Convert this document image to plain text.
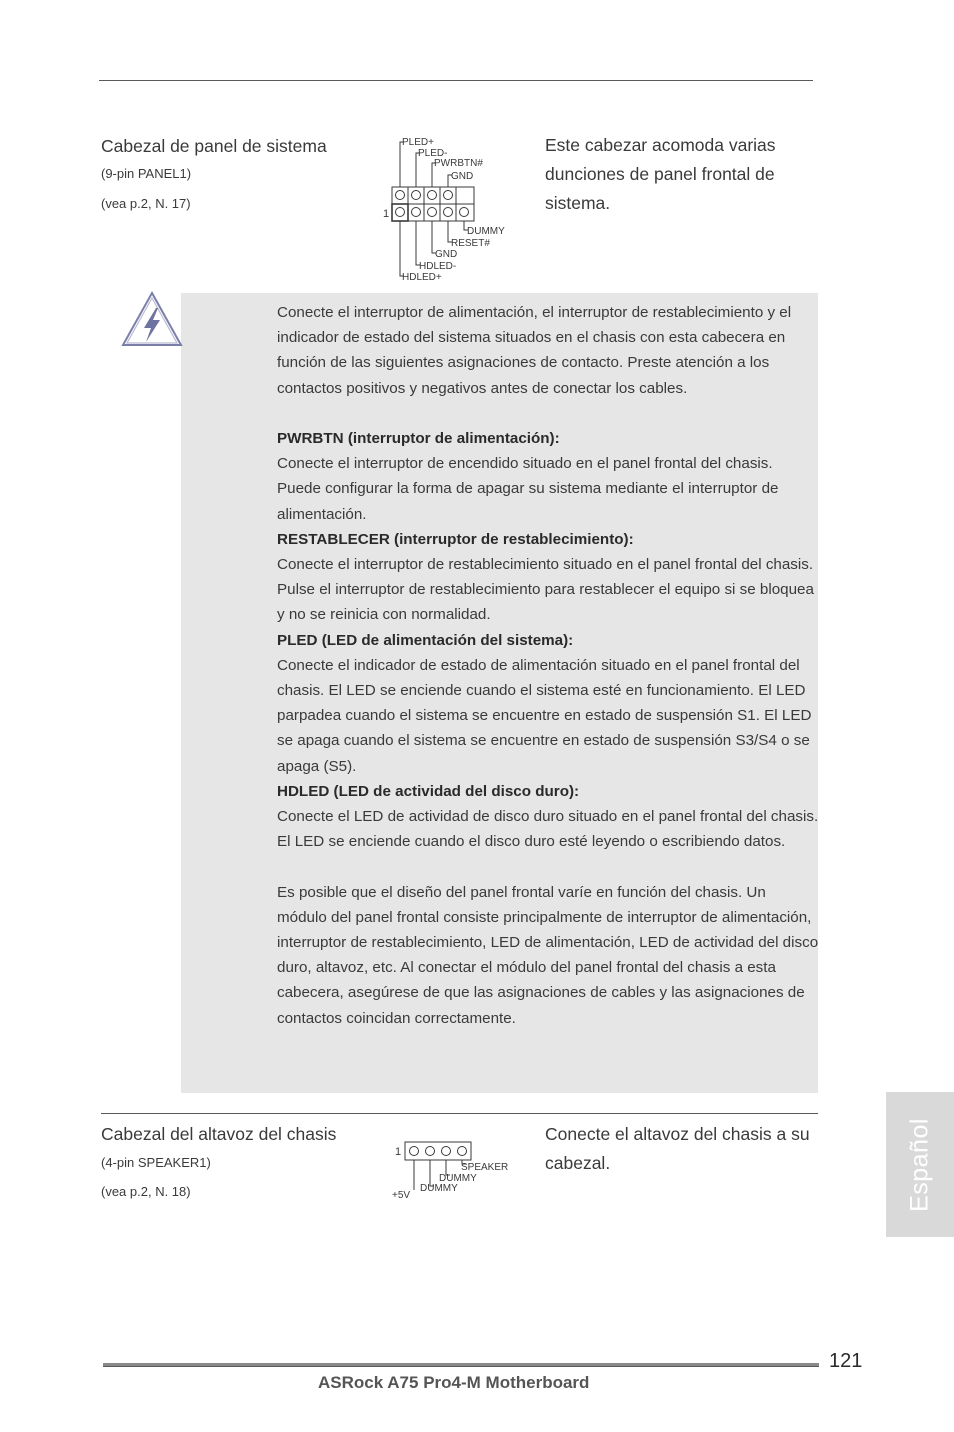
Cabezal de panel de sistema
(9-pin PANEL1)
(vea p.2, N. 17)
1
PLED+
PLED-
PWRBTN#
GND
DUMMY
RESET#
GND
HDLED-
HDLED+
Este cabezar acomoda varias dunciones de panel frontal de sistema.

Conecte el interruptor de alimentación, el interruptor de restablecimiento y el indicador de estado del sistema situados en el chasis con esta cabecera en función de las siguientes asignaciones de contacto. Preste atención a los contactos positivos y negativos antes de conectar los cables.

PWRBTN (interruptor de alimentación):

Conecte el interruptor de encendido situado en el panel frontal del chasis. Puede configurar la forma de apagar su sistema mediante el interruptor de alimentación.

RESTABLECER (interruptor de restablecimiento):

Conecte el interruptor de restablecimiento situado en el panel frontal del chasis. Pulse el interruptor de restablecimiento para restablecer el equipo si se bloquea y no se reinicia con normalidad.

PLED (LED de alimentación del sistema):

Conecte el indicador de estado de alimentación situado en el panel frontal del chasis. El LED se enciende cuando el sistema esté en funcionamiento. El LED parpadea cuando el sistema se encuentre en estado de suspensión S1. El LED se apaga cuando el sistema se encuentre en estado de suspensión S3/S4 o se apaga (S5).

HDLED (LED de actividad del disco duro):

Conecte el LED de actividad de disco duro situado en el panel frontal del chasis. El LED se enciende cuando el disco duro esté leyendo o escribiendo datos.

Es posible que el diseño del panel frontal varíe en función del chasis. Un módulo del panel frontal consiste principalmente de interruptor de alimentación, interruptor de restablecimiento, LED de alimentación, LED de actividad del disco duro, altavoz, etc. Al conectar el módulo del panel frontal del chasis a esta cabecera, asegúrese de que las asignaciones de cables y las asignaciones de contactos coincidan correctamente.

Cabezal del altavoz del chasis
(4-pin SPEAKER1)
(vea p.2, N. 18)
1
SPEAKER
DUMMY
+5V
DUMMY
Conecte el altavoz del chasis a su cabezal.	Español
121
ASRock A75 Pro4-M Motherboard
